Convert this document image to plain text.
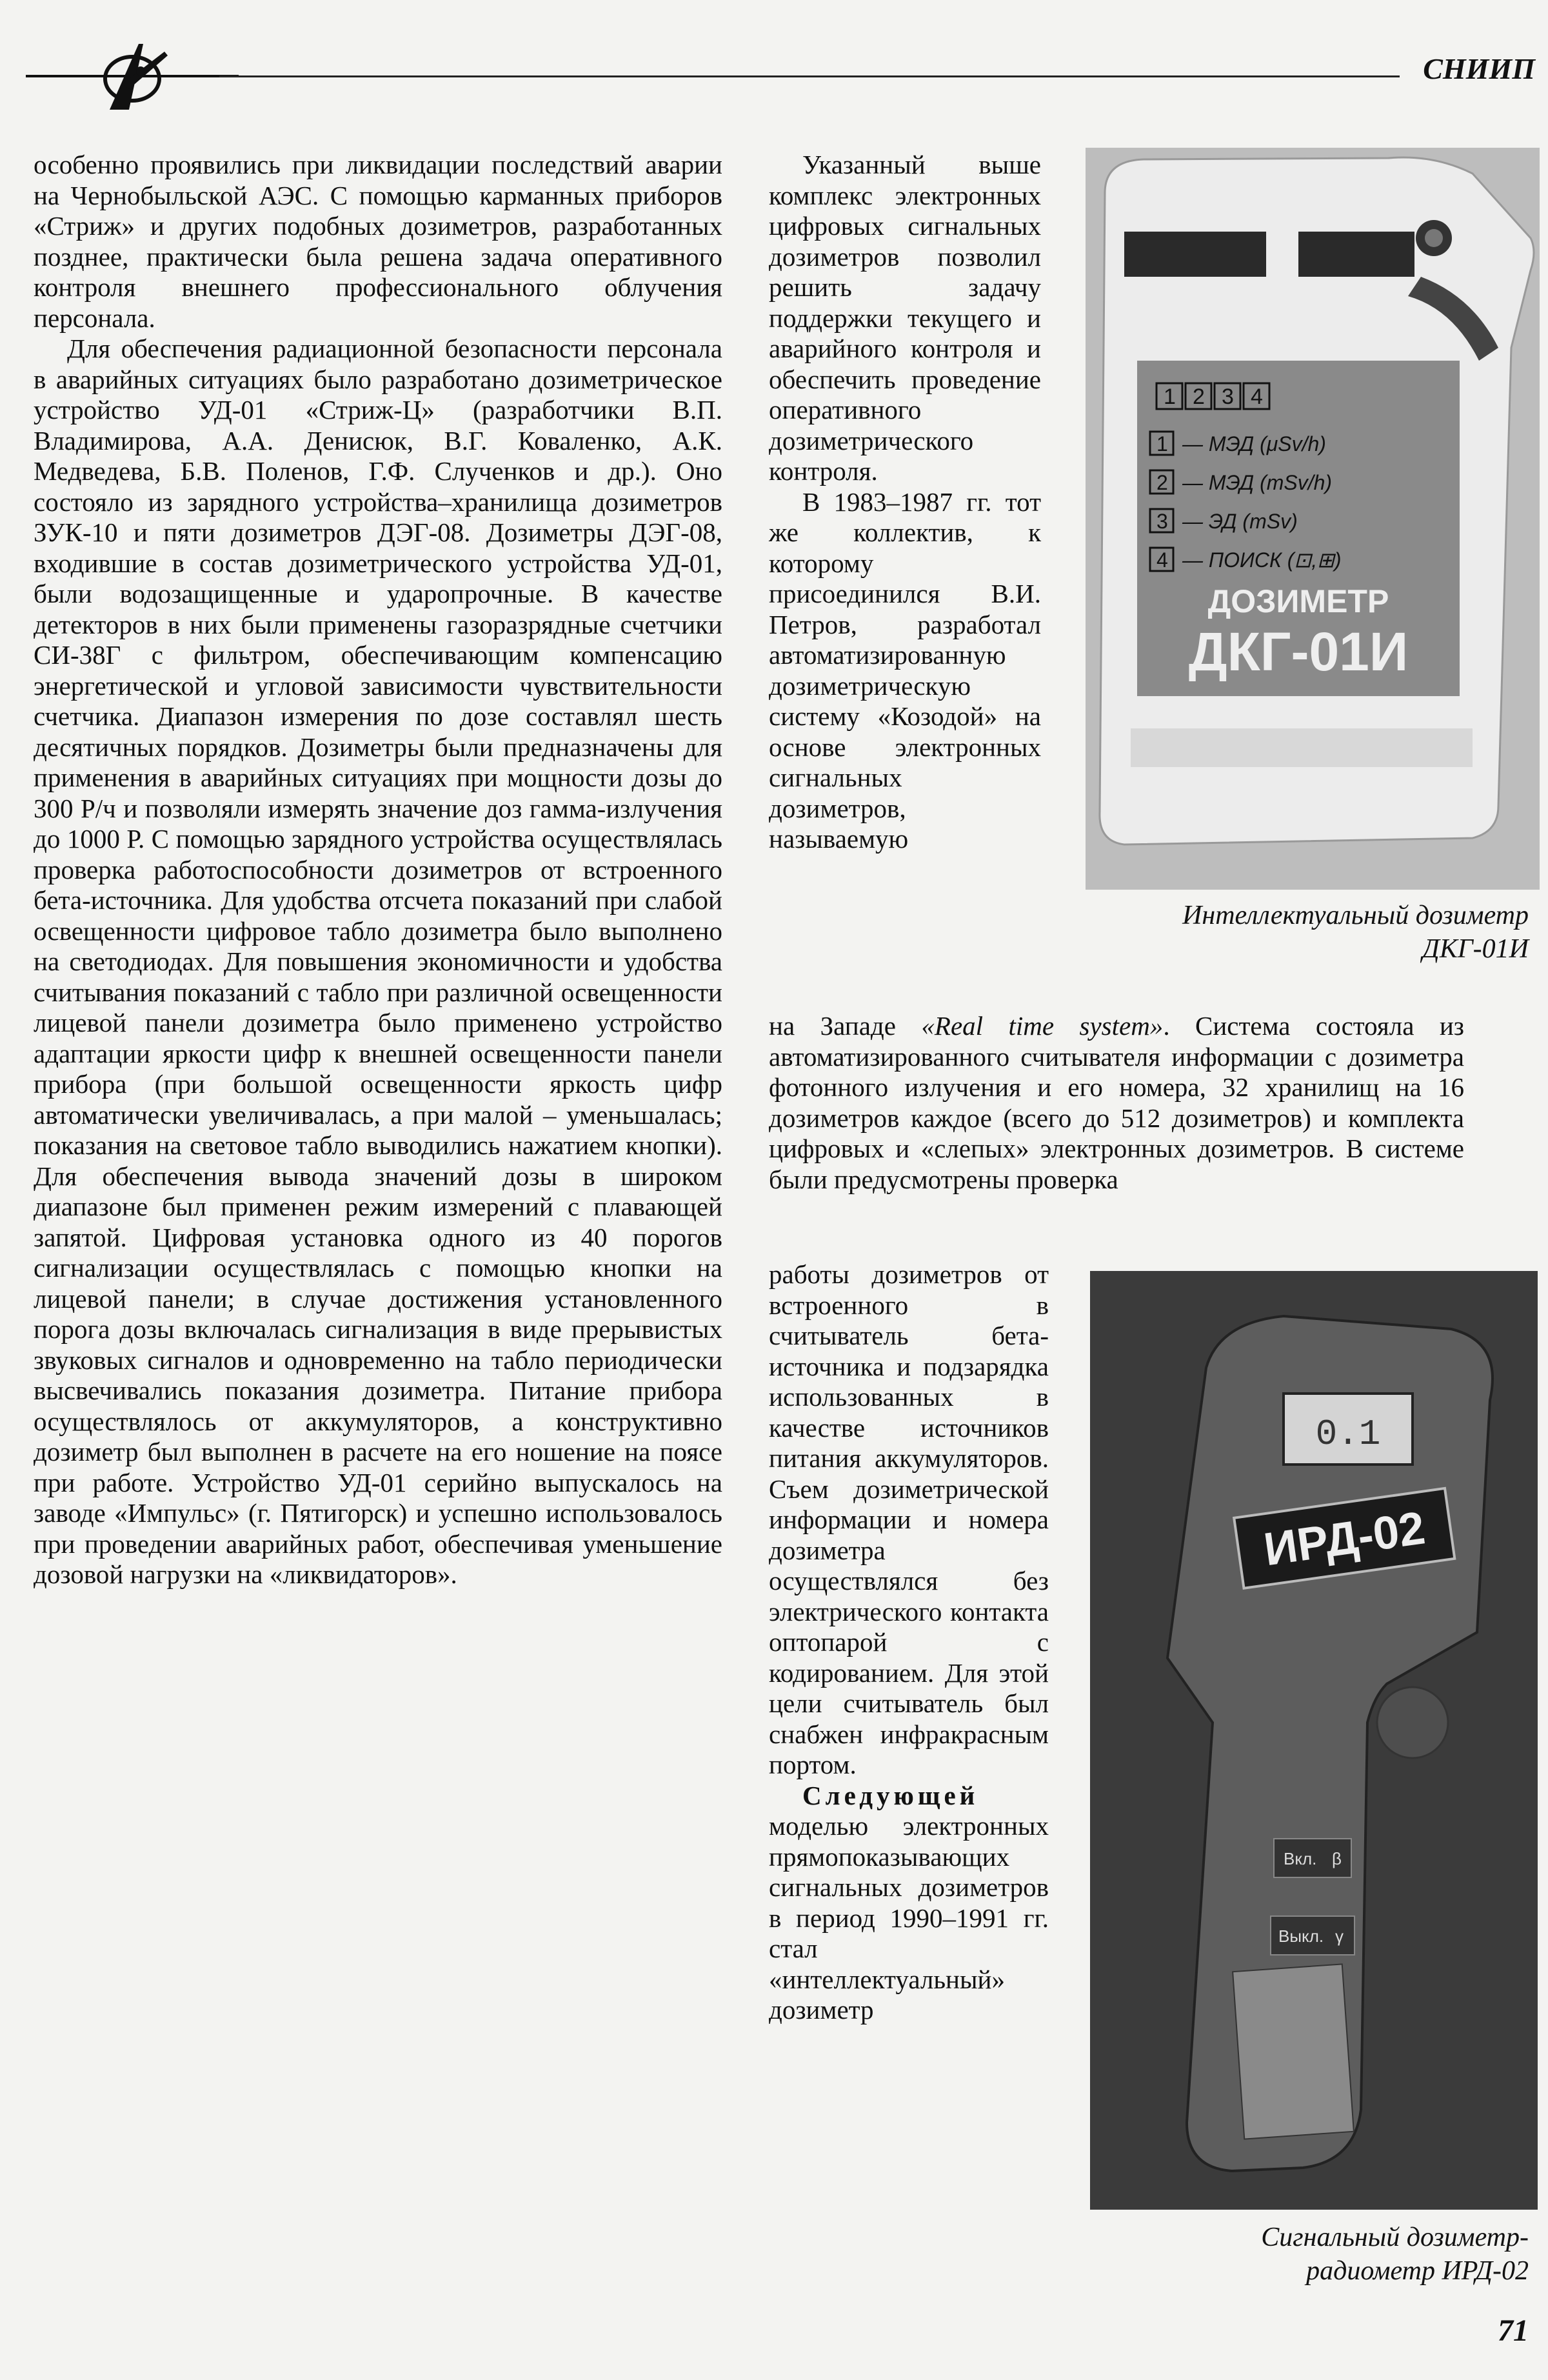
СНИИП

особенно проявились при ликвидации последствий аварии на Чернобыльской АЭС. С помощью карманных приборов «Стриж» и других подобных дозиметров, разработанных позднее, практически была решена задача оперативного контроля внешнего профессионального облучения персонала.

Для обеспечения радиационной безопасности персонала в аварийных ситуациях было разработано дозиметрическое устройство УД-01 «Стриж-Ц» (разработчики В.П. Владимирова, А.А. Денисюк, В.Г. Коваленко, А.К. Медведева, Б.В. Поленов, Г.Ф. Слученков и др.). Оно состояло из зарядного устройства–хранилища дозиметров ЗУК-10 и пяти дозиметров ДЭГ-08. Дозиметры ДЭГ-08, входившие в состав дозиметрического устройства УД-01, были водозащищенные и ударопрочные. В качестве детекторов в них были применены газоразрядные счетчики СИ-38Г с фильтром, обеспечивающим компенсацию энергетической и угловой зависимости чувствительности счетчика. Диапазон измерения по дозе составлял шесть десятичных порядков. Дозиметры были предназначены для применения в аварийных ситуациях при мощности дозы до 300 Р/ч и позволяли измерять значение доз гамма-излучения до 1000 Р. С помощью зарядного устройства осуществлялась проверка работоспособности дозиметров от встроенного бета-источника. Для удобства отсчета показаний при слабой освещенности цифровое табло дозиметра было выполнено на светодиодах. Для повышения экономичности и удобства считывания показаний с табло при различной освещенности лицевой панели дозиметра было применено устройство адаптации яркости цифр к внешней освещенности панели прибора (при большой освещенности яркость цифр автоматически увеличивалась, а при малой – уменьшалась; показания на световое табло выводились нажатием кнопки). Для обеспечения вывода значений дозы в широком диапазоне был применен режим измерений с плавающей запятой. Цифровая установка одного из 40 порогов сигнализации осуществлялась с помощью кнопки на лицевой панели; в случае достижения установленного порога дозы включалась сигнализация в виде прерывистых звуковых сигналов и одновременно на табло периодически высвечивались показания дозиметра. Питание прибора осуществлялось от аккумуляторов, а конструктивно дозиметр был выполнен в расчете на его ношение на поясе при работе. Устройство УД-01 серийно выпускалось на заводе «Импульс» (г. Пятигорск) и успешно использовалось при проведении аварийных работ, обеспечивая уменьшение дозовой нагрузки на «ликвидаторов».

Указанный выше комплекс электронных цифровых сигнальных дозиметров позволил решить задачу поддержки текущего и аварийного контроля и обеспечить проведение оперативного дозиметрического контроля.

В 1983–1987 гг. тот же коллектив, к которому присоединился В.И. Петров, разработал автоматизированную дозиметрическую систему «Козодой» на основе электронных сигнальных дозиметров, называемую

на Западе «Real time system». Система состояла из автоматизированного считывателя информации с дозиметра фотонного излучения и его номера, 32 хранилищ на 16 дозиметров каждое (всего до 512 дозиметров) и комплекта цифровых и «слепых» электронных дозиметров. В системе были предусмотрены проверка

работы дозиметров от встроенного в считыватель бета-источника и подзарядка использованных в качестве источников питания аккумуляторов. Съем дозиметрической информации и номера дозиметра осуществлялся без электрического контакта оптопарой с кодированием. Для этой цели считыватель был снабжен инфракрасным портом.

Следующей моделью электронных прямопоказывающих сигнальных дозиметров в период 1990–1991 гг. стал «интеллектуальный» дозиметр

1 2 3 4
1 — МЭД (μSv/h)
2 — МЭД (mSv/h)
3 — ЭД (mSv)
4 — ПОИСК (⊡,⊞)
ДОЗИМЕТР
ДКГ-01И
Интеллектуальный дозиметр
ДКГ-01И
0.1
ИРД-02
Вкл. β
Выкл. γ
Сигнальный дозиметр-
радиометр ИРД-02
71
